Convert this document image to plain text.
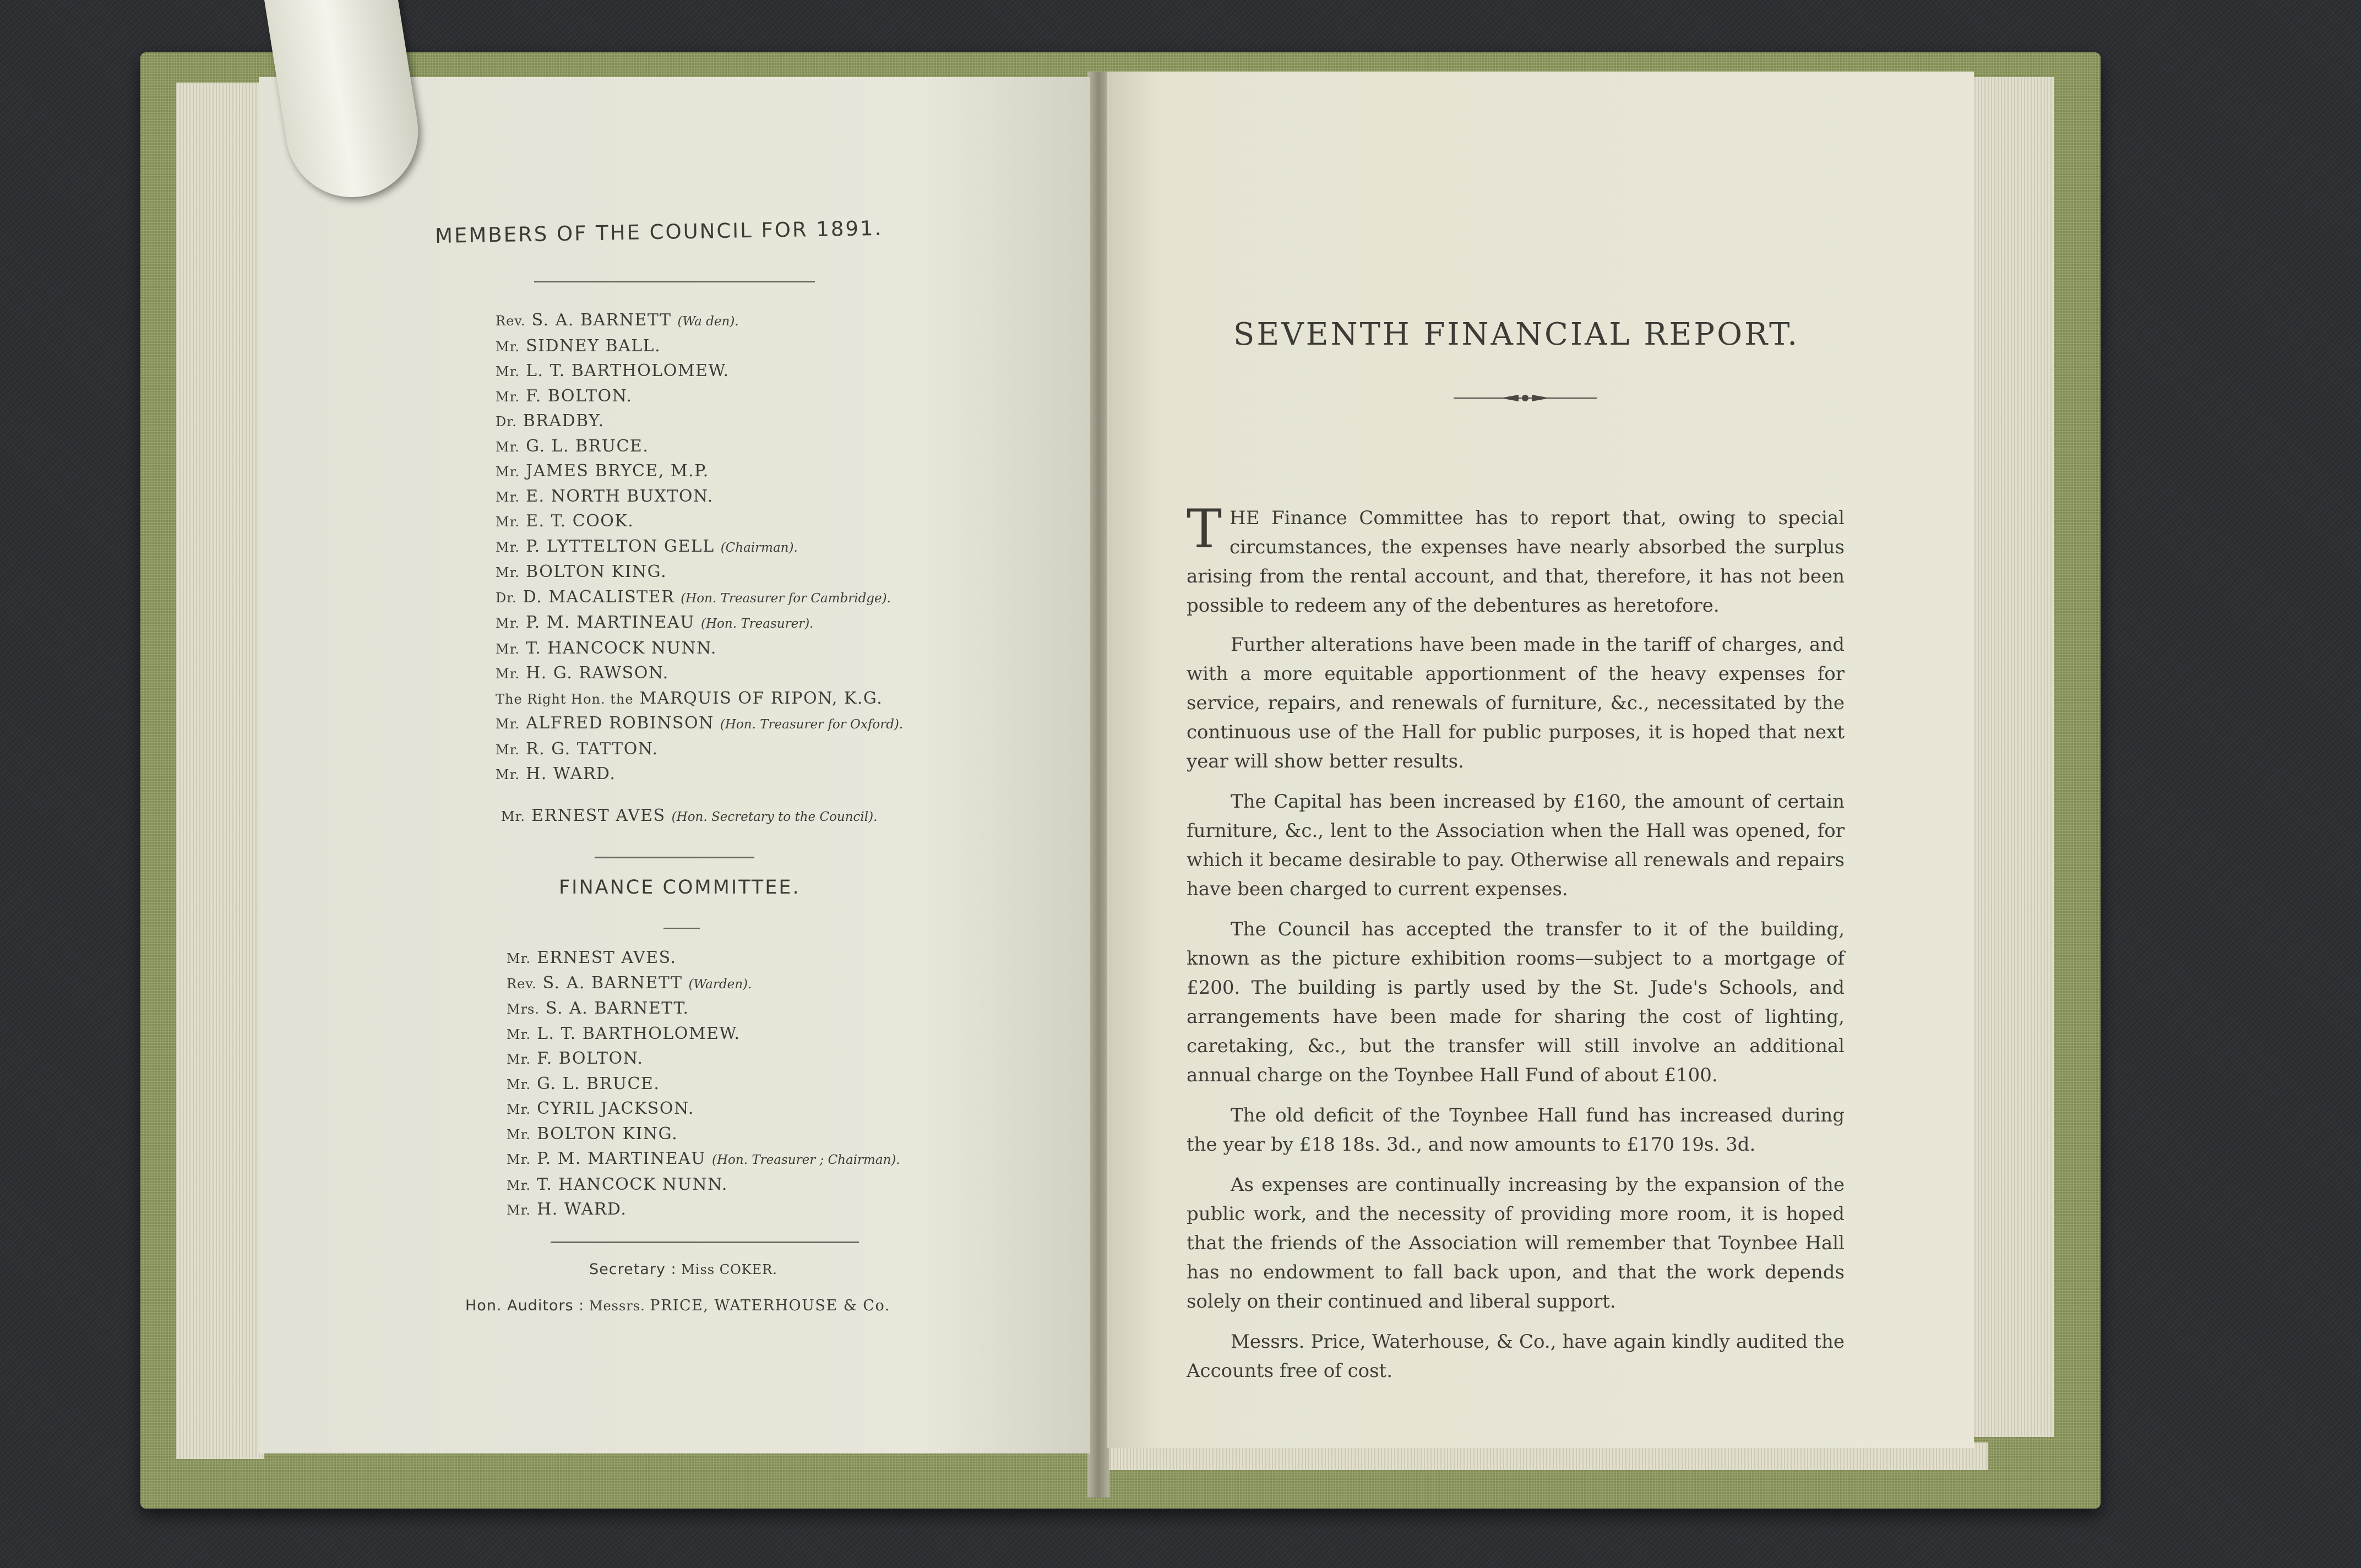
MEMBERS OF THE COUNCIL FOR 1891.
Rev. S. A. BARNETT (Wa den).
Mr. SIDNEY BALL.
Mr. L. T. BARTHOLOMEW.
Mr. F. BOLTON.
Dr. BRADBY.
Mr. G. L. BRUCE.
Mr. JAMES BRYCE, M.P.
Mr. E. NORTH BUXTON.
Mr. E. T. COOK.
Mr. P. LYTTELTON GELL (Chairman).
Mr. BOLTON KING.
Dr. D. MACALISTER (Hon. Treasurer for Cambridge).
Mr. P. M. MARTINEAU (Hon. Treasurer).
Mr. T. HANCOCK NUNN.
Mr. H. G. RAWSON.
The Right Hon. the MARQUIS OF RIPON, K.G.
Mr. ALFRED ROBINSON (Hon. Treasurer for Oxford).
Mr. R. G. TATTON.
Mr. H. WARD.
Mr. ERNEST AVES (Hon. Secretary to the Council).
FINANCE COMMITTEE.
Mr. ERNEST AVES.
Rev. S. A. BARNETT (Warden).
Mrs. S. A. BARNETT.
Mr. L. T. BARTHOLOMEW.
Mr. F. BOLTON.
Mr. G. L. BRUCE.
Mr. CYRIL JACKSON.
Mr. BOLTON KING.
Mr. P. M. MARTINEAU (Hon. Treasurer ; Chairman).
Mr. T. HANCOCK NUNN.
Mr. H. WARD.
Secretary : Miss COKER.
Hon. Auditors : Messrs. PRICE, WATERHOUSE & Co.
SEVENTH FINANCIAL REPORT.

THE Finance Committee has to report that, owing to special circumstances, the expenses have nearly absorbed the surplus arising from the rental account, and that, therefore, it has not been possible to redeem any of the debentures as heretofore.

Further alterations have been made in the tariff of charges, and with a more equitable apportionment of the heavy expenses for service, repairs, and renewals of furniture, &c., necessitated by the continuous use of the Hall for public purposes, it is hoped that next year will show better results.

The Capital has been increased by £160, the amount of certain furniture, &c., lent to the Association when the Hall was opened, for which it became desirable to pay. Otherwise all renewals and repairs have been charged to current expenses.

The Council has accepted the transfer to it of the building, known as the picture exhibition rooms—subject to a mortgage of £200. The building is partly used by the St. Jude's Schools, and arrangements have been made for sharing the cost of lighting, caretaking, &c., but the transfer will still involve an additional annual charge on the Toynbee Hall Fund of about £100.

The old deficit of the Toynbee Hall fund has increased during the year by £18 18s. 3d., and now amounts to £170 19s. 3d.

As expenses are continually increasing by the expansion of the public work, and the necessity of providing more room, it is hoped that the friends of the Association will remember that Toynbee Hall has no endowment to fall back upon, and that the work depends solely on their continued and liberal support.

Messrs. Price, Waterhouse, & Co., have again kindly audited the Accounts free of cost.
